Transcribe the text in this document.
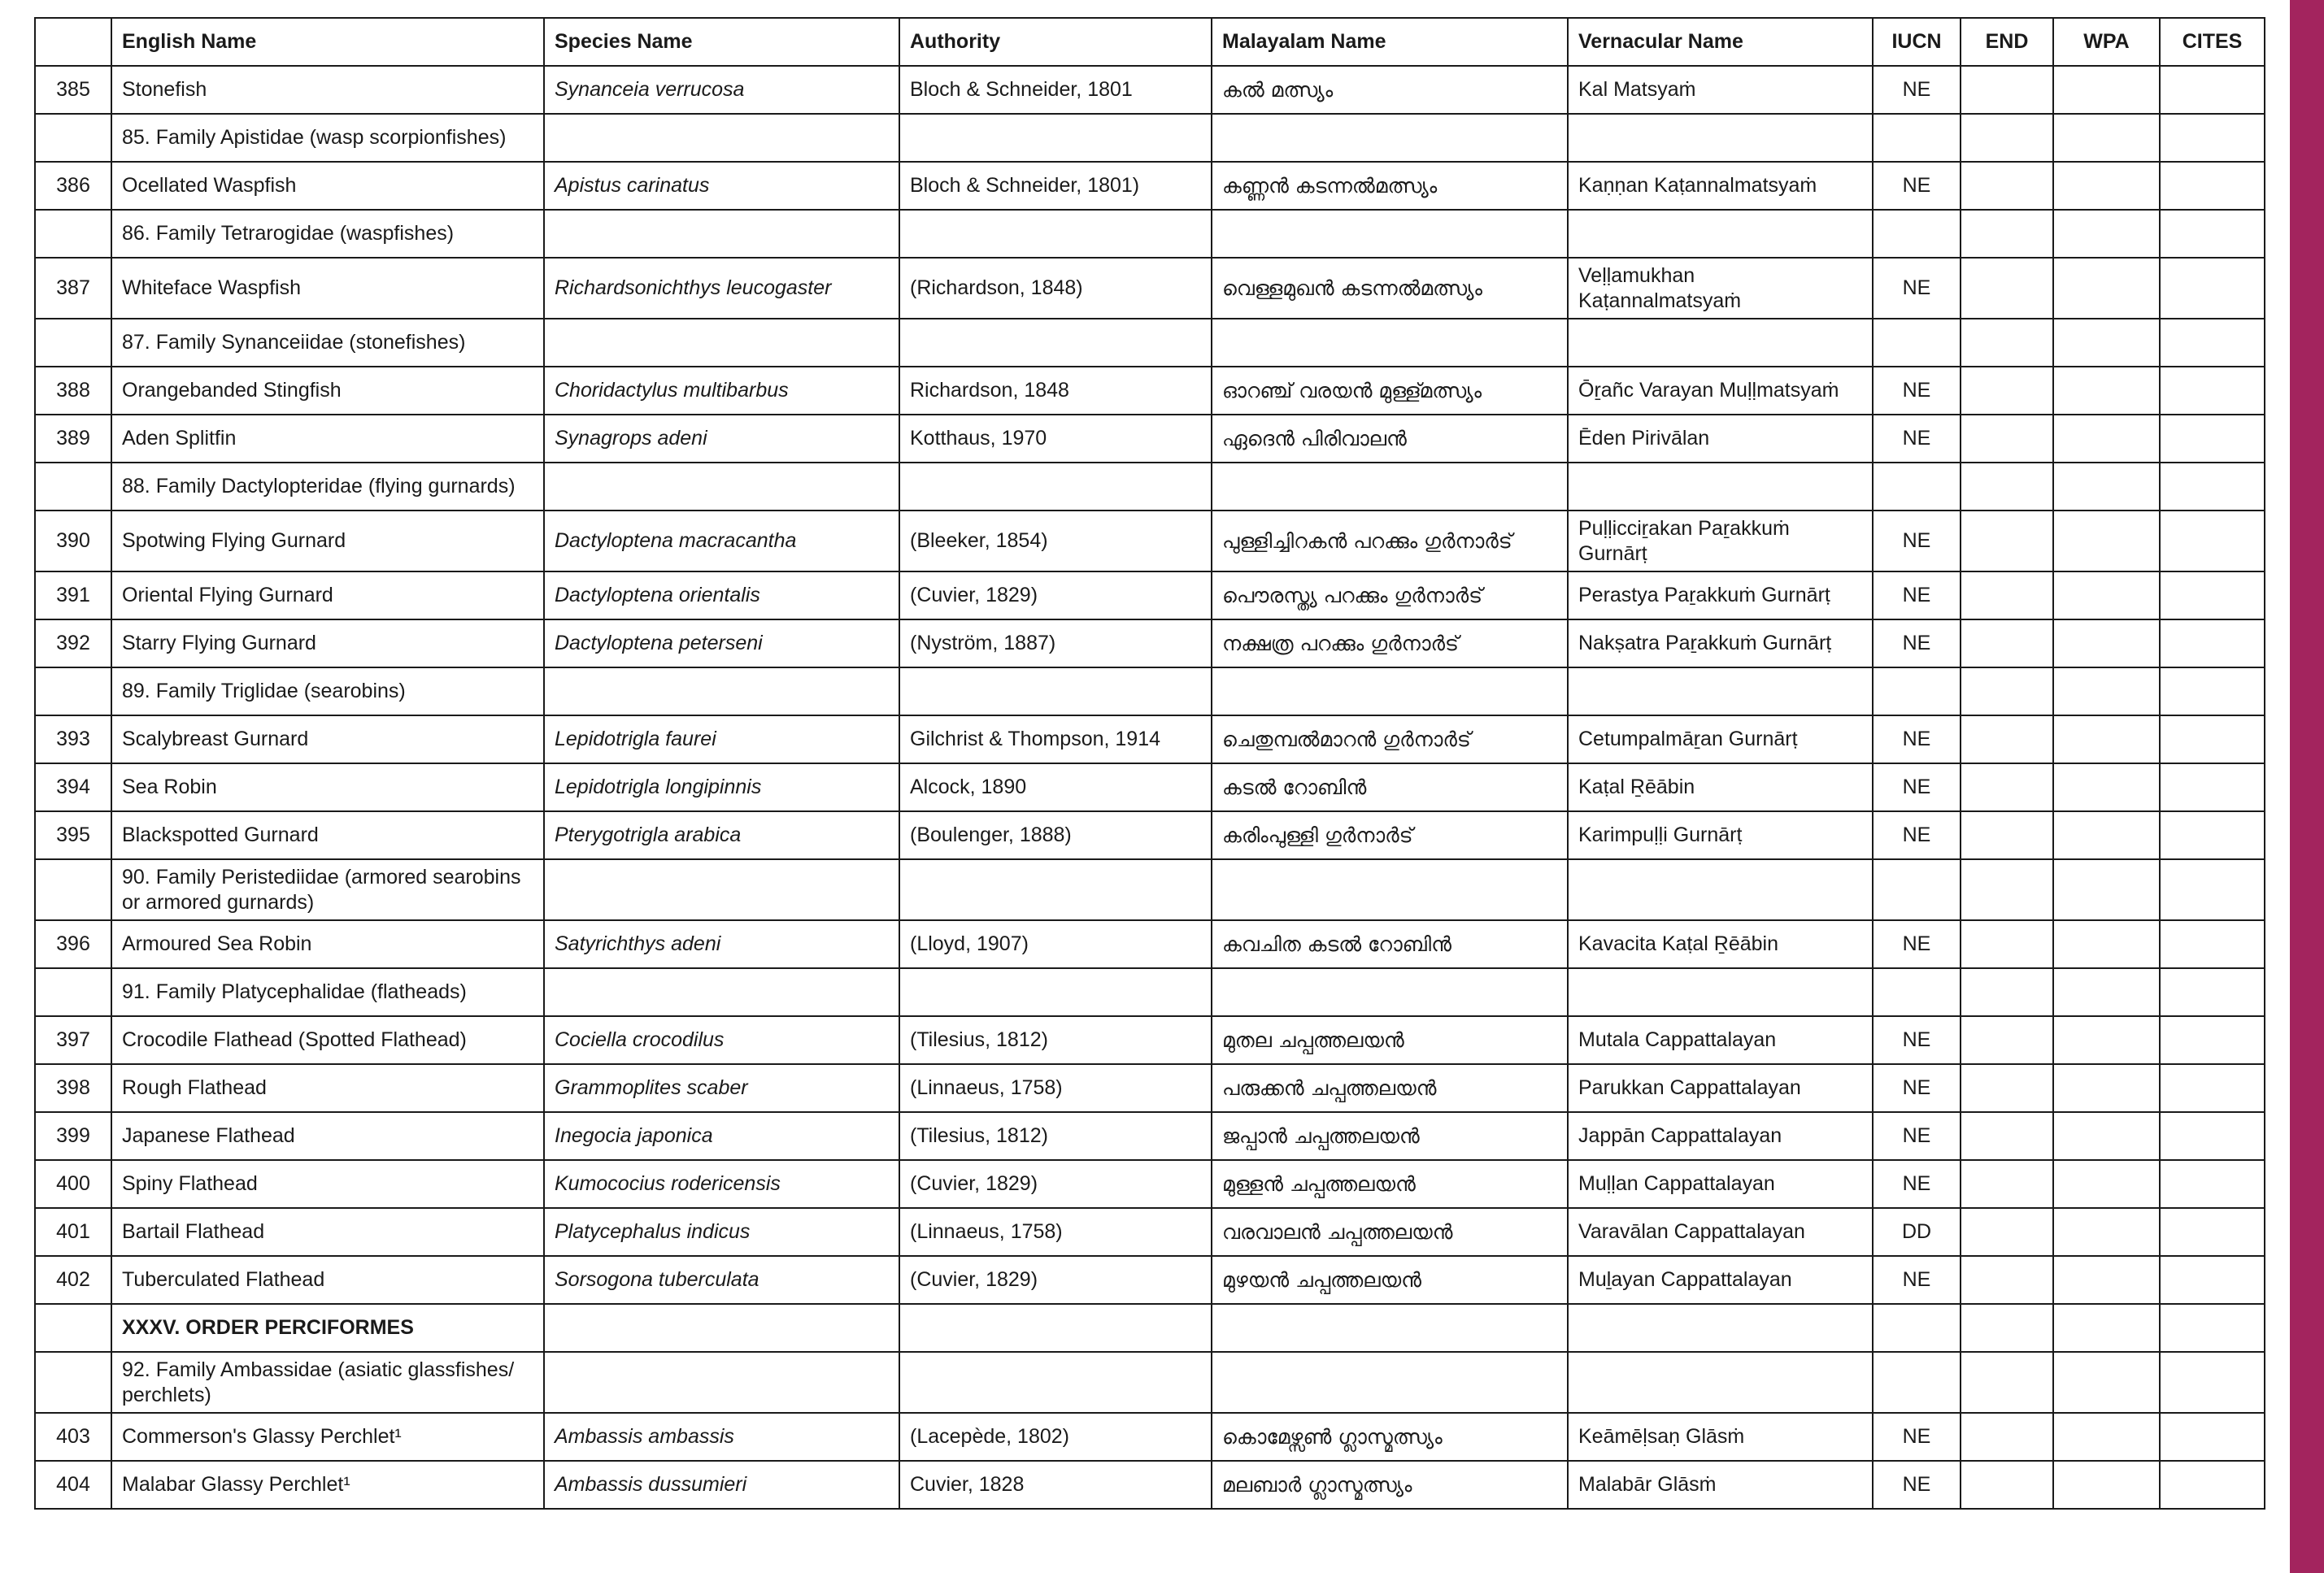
	English Name	Species Name	Authority	Malayalam Name	Vernacular Name	IUCN	END	WPA	CITES
385	Stonefish	Synanceia verrucosa	Bloch & Schneider, 1801	കൽ മത്സ്യം	Kal Matsyaṁ	NE			
	85. Family Apistidae (wasp scorpionfishes)								
386	Ocellated Waspfish	Apistus carinatus	Bloch & Schneider, 1801)	കണ്ണൻ കടന്നൽമത്സ്യം	Kaṇṇan Kaṭannalmatsyaṁ	NE			
	86. Family Tetrarogidae (waspfishes)								
387	Whiteface Waspfish	Richardsonichthys leucogaster	(Richardson, 1848)	വെള്ളമുഖൻ കടന്നൽമത്സ്യം	Veḷḷamukhan Kaṭannalmatsyaṁ	NE			
	87. Family Synanceiidae (stonefishes)								
388	Orangebanded Stingfish	Choridactylus multibarbus	Richardson, 1848	ഓറഞ്ച് വരയൻ മുള്ള്മത്സ്യം	Ōṟañc Varayan Muḷḷmatsyaṁ	NE			
389	Aden Splitfin	Synagrops adeni	Kotthaus, 1970	ഏദെൻ പിരിവാലൻ	Ēden Pirivālan	NE			
	88. Family Dactylopteridae (flying gurnards)								
390	Spotwing Flying Gurnard	Dactyloptena macracantha	(Bleeker, 1854)	പുള്ളിച്ചിറകൻ പറക്കും ഗുർനാർട്	Puḷḷicciṟakan Paṟakkuṁ Gurnārṭ	NE			
391	Oriental Flying Gurnard	Dactyloptena orientalis	(Cuvier, 1829)	പൌരസ്ത്യ പറക്കും ഗുർനാർട്	Perastya Paṟakkuṁ Gurnārṭ	NE			
392	Starry Flying Gurnard	Dactyloptena peterseni	(Nyström, 1887)	നക്ഷത്ര പറക്കും ഗുർനാർട്	Nakṣatra Paṟakkuṁ Gurnārṭ	NE			
	89. Family Triglidae (searobins)								
393	Scalybreast Gurnard	Lepidotrigla faurei	Gilchrist & Thompson, 1914	ചെതുമ്പൽമാറൻ ഗുർനാർട്	Cetumpalmāṟan Gurnārṭ	NE			
394	Sea Robin	Lepidotrigla longipinnis	Alcock, 1890	കടൽ റോബിൻ	Kaṭal Ṟēābin	NE			
395	Blackspotted Gurnard	Pterygotrigla arabica	(Boulenger, 1888)	കരിംപുള്ളി ഗുർനാർട്	Karimpuḷḷi Gurnārṭ	NE			
	90. Family Peristediidae (armored searobins or armored gurnards)								
396	Armoured Sea Robin	Satyrichthys adeni	(Lloyd, 1907)	കവചിത കടൽ റോബിൻ	Kavacita Kaṭal Ṟēābin	NE			
	91. Family Platycephalidae (flatheads)								
397	Crocodile Flathead (Spotted Flathead)	Cociella crocodilus	(Tilesius, 1812)	മുതല ചപ്പത്തലയൻ	Mutala Cappattalayan	NE			
398	Rough Flathead	Grammoplites scaber	(Linnaeus, 1758)	പരുക്കൻ ചപ്പത്തലയൻ	Parukkan Cappattalayan	NE			
399	Japanese Flathead	Inegocia japonica	(Tilesius, 1812)	ജപ്പാൻ ചപ്പത്തലയൻ	Jappān Cappattalayan	NE			
400	Spiny Flathead	Kumococius rodericensis	(Cuvier, 1829)	മുള്ളൻ ചപ്പത്തലയൻ	Muḷḷan Cappattalayan	NE			
401	Bartail Flathead	Platycephalus indicus	(Linnaeus, 1758)	വരവാലൻ ചപ്പത്തലയൻ	Varavālan Cappattalayan	DD			
402	Tuberculated Flathead	Sorsogona tuberculata	(Cuvier, 1829)	മുഴയൻ ചപ്പത്തലയൻ	Muḻayan Cappattalayan	NE			
	XXXV. ORDER PERCIFORMES								
	92. Family Ambassidae (asiatic glassfishes/ perchlets)								
403	Commerson's Glassy Perchlet¹	Ambassis ambassis	(Lacepède, 1802)	കൊമേഴ്സൺ ഗ്ലാസ്മത്സ്യം	Keāmēḷsaṇ Glāsṁ	NE			
404	Malabar Glassy Perchlet¹	Ambassis dussumieri	Cuvier, 1828	മലബാർ ഗ്ലാസ്മത്സ്യം	Malabār Glāsṁ	NE			
